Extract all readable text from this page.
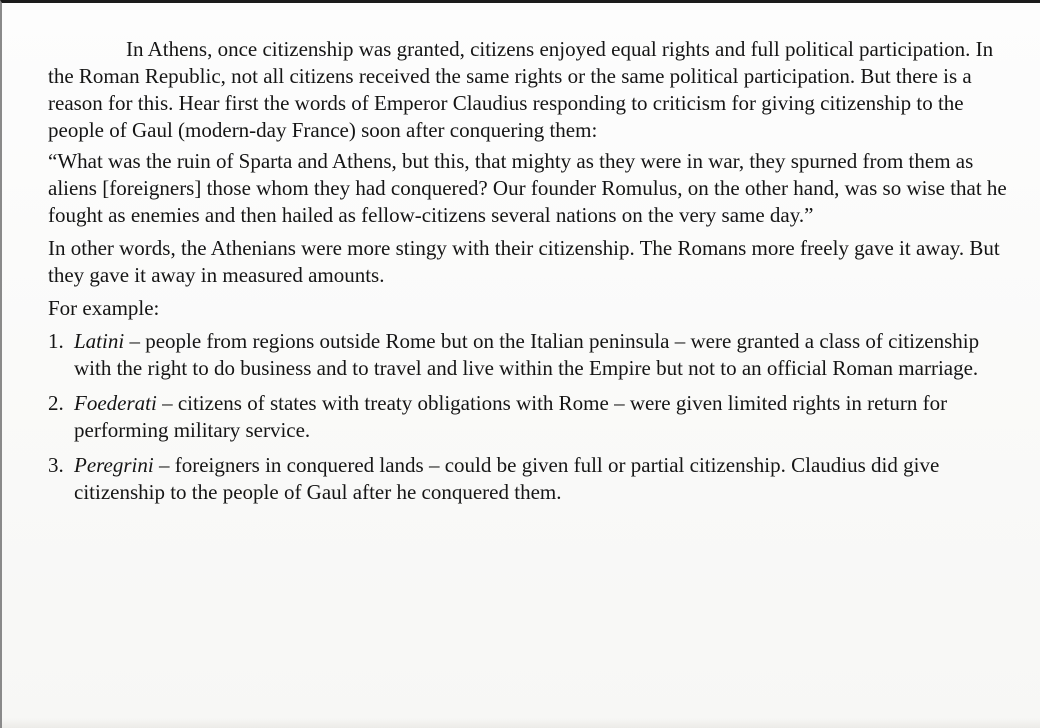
In Athens, once citizenship was granted, citizens enjoyed equal rights and full political participation. In the Roman Republic, not all citizens received the same rights or the same political participation. But there is a reason for this. Hear first the words of Emperor Claudius responding to criticism for giving citizenship to the people of Gaul (modern-day France) soon after conquering them:

“What was the ruin of Sparta and Athens, but this, that mighty as they were in war, they spurned from them as aliens [foreigners] those whom they had conquered? Our founder Romulus, on the other hand, was so wise that he fought as enemies and then hailed as fellow-citizens several nations on the very same day.”

In other words, the Athenians were more stingy with their citizenship. The Romans more freely gave it away. But they gave it away in measured amounts.

For example:

1. Latini – people from regions outside Rome but on the Italian peninsula – were granted a class of citizenship with the right to do business and to travel and live within the Empire but not to an official Roman marriage.
2. Foederati – citizens of states with treaty obligations with Rome – were given limited rights in return for performing military service.
3. Peregrini – foreigners in conquered lands – could be given full or partial citizenship. Claudius did give citizenship to the people of Gaul after he conquered them.
